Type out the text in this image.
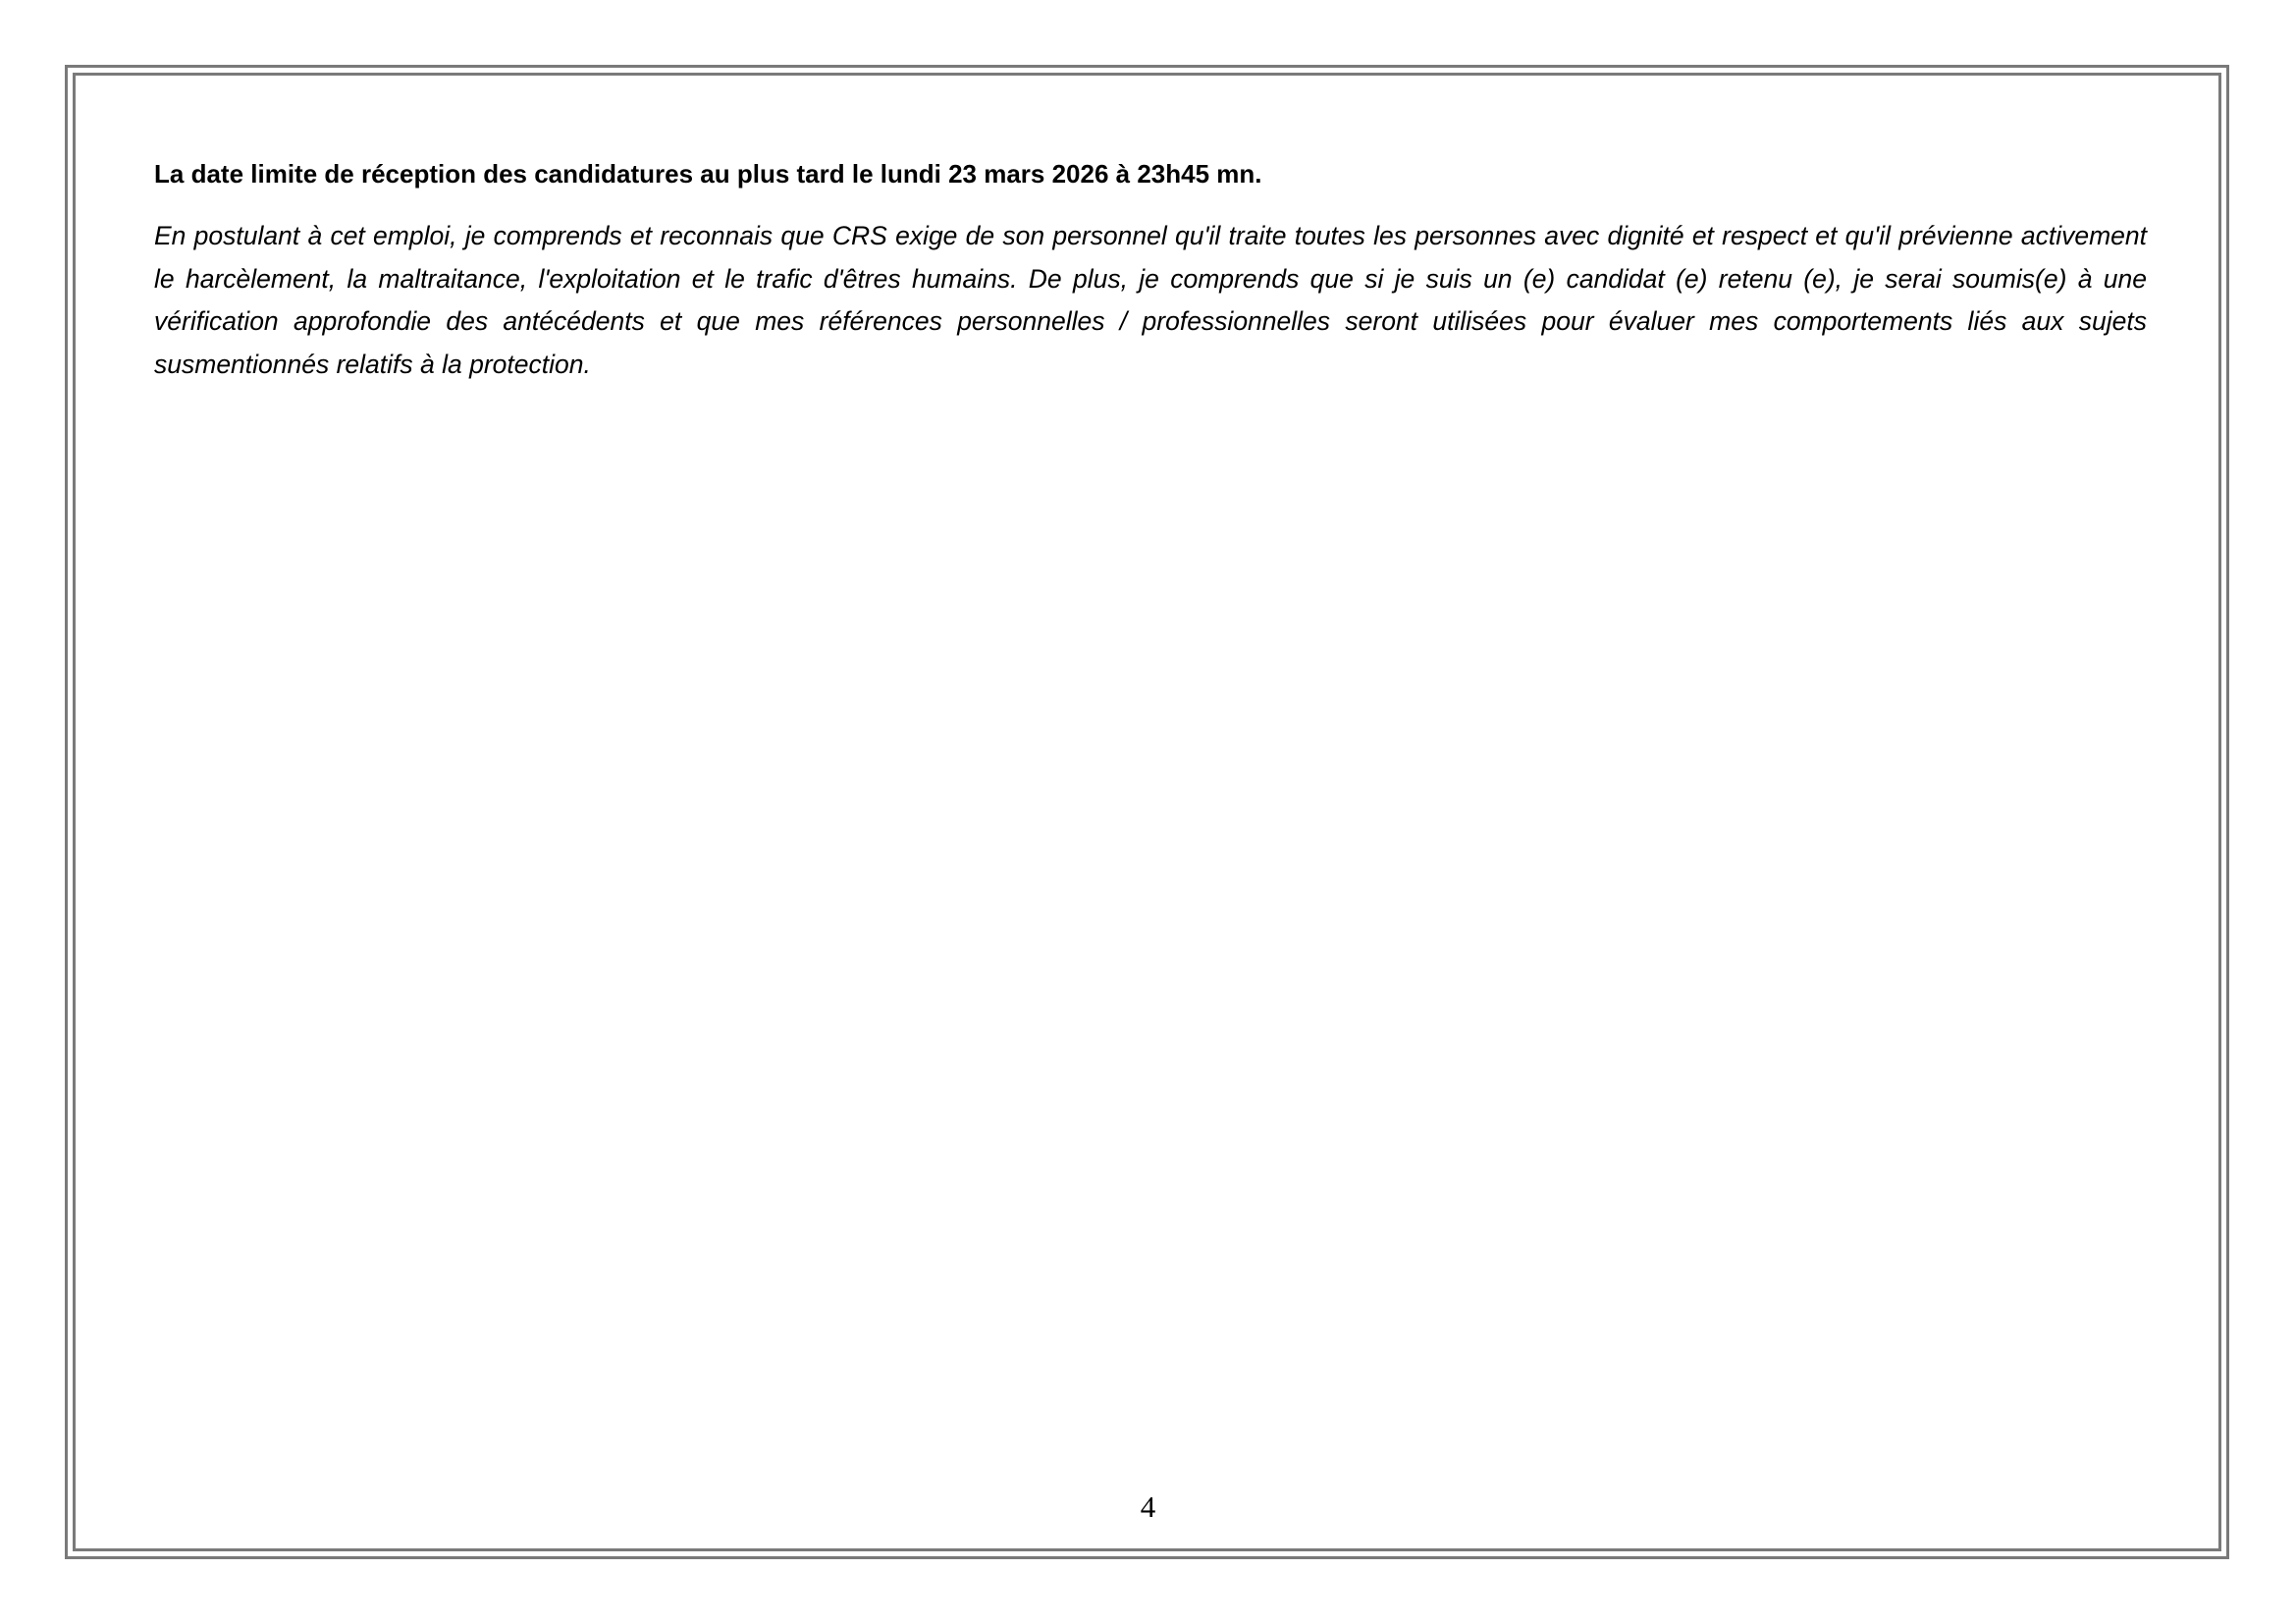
La date limite de réception des candidatures au plus tard le lundi 23 mars 2026 à 23h45 mn.

En postulant à cet emploi, je comprends et reconnais que CRS exige de son personnel qu'il traite toutes les personnes avec dignité et respect et qu'il prévienne activement le harcèlement, la maltraitance, l'exploitation et le trafic d'êtres humains. De plus, je comprends que si je suis un (e) candidat (e) retenu (e), je serai soumis(e) à une vérification approfondie des antécédents et que mes références personnelles / professionnelles seront utilisées pour évaluer mes comportements liés aux sujets susmentionnés relatifs à la protection.

4
